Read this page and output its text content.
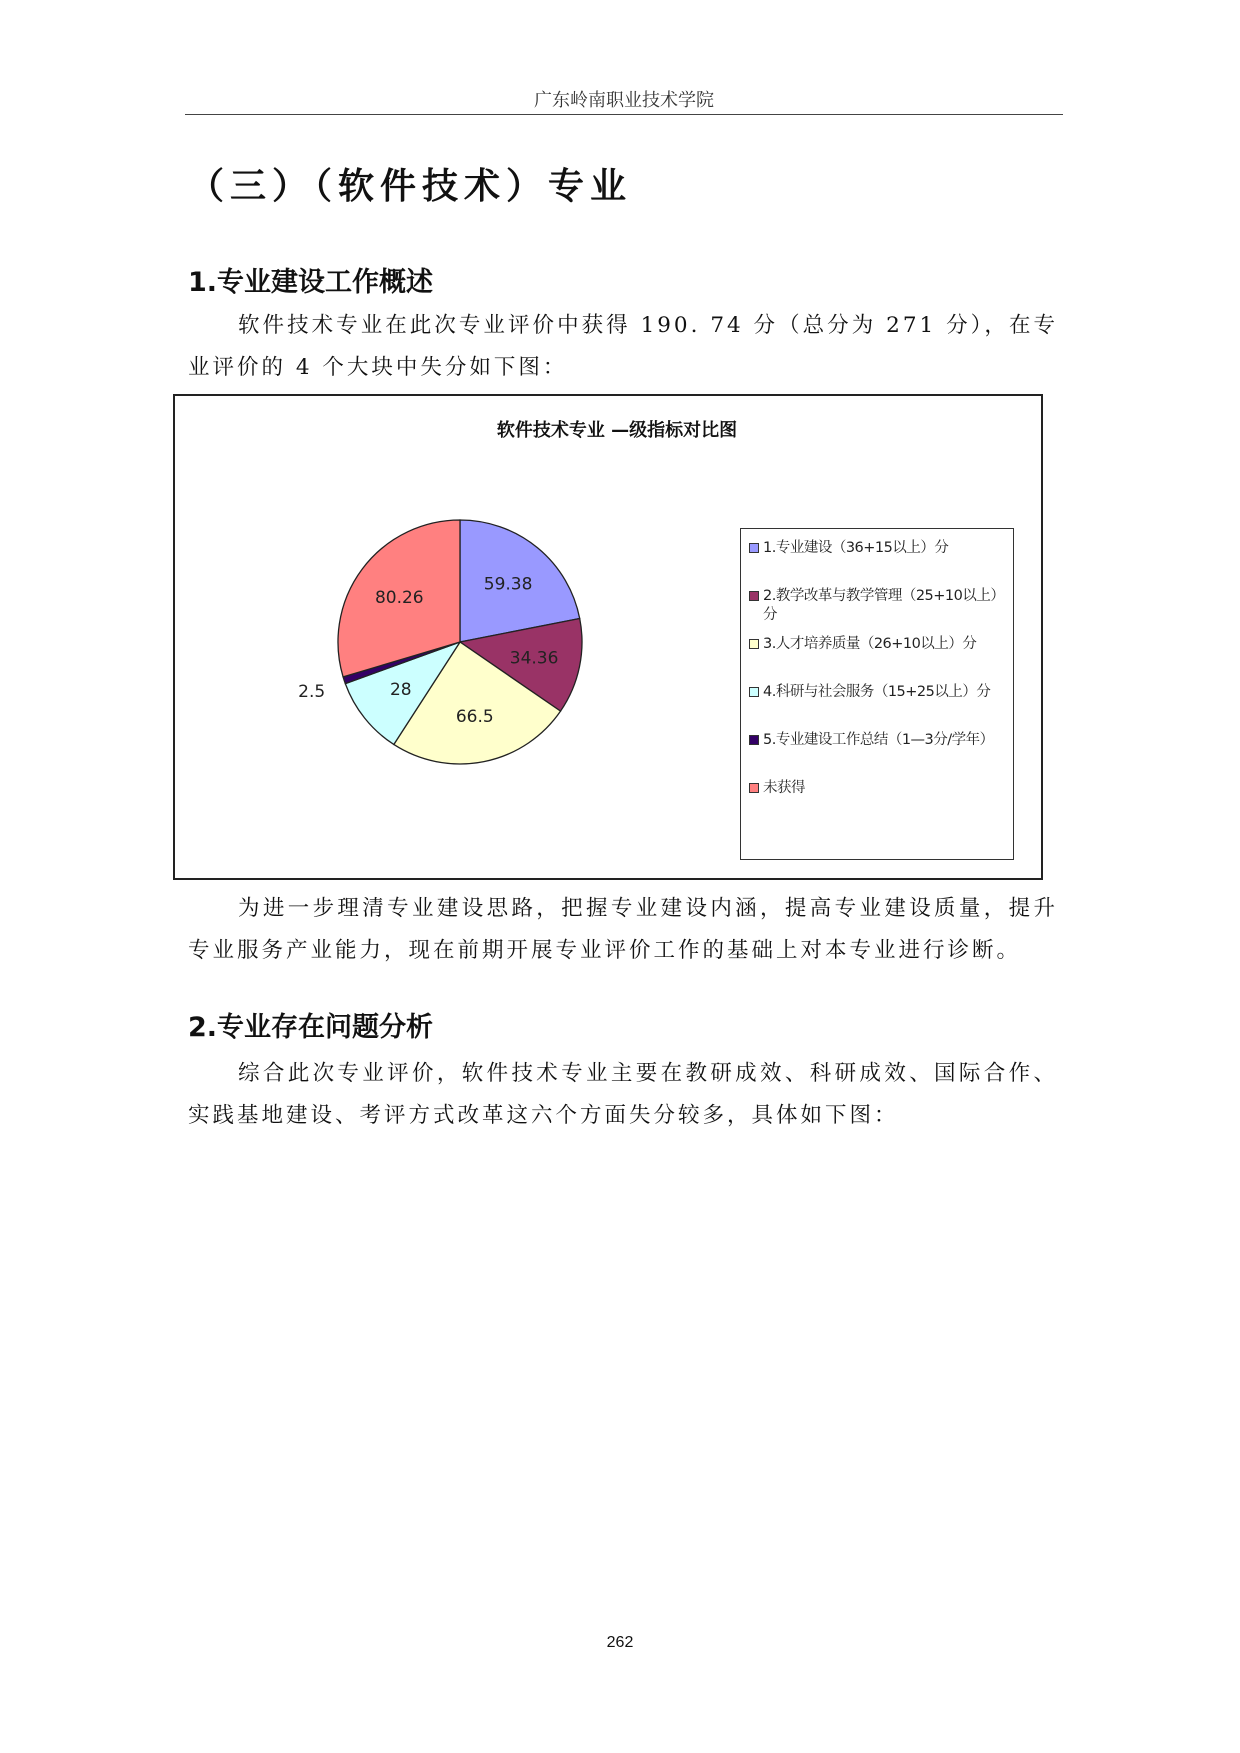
广东岭南职业技术学院
（三）（软件技术）专业
1.专业建设工作概述
软件技术专业在此次专业评价中获得 190. 74 分（总分为 271 分），在专业评价的 4 个大块中失分如下图：
软件技术专业 —级指标对比图
59.38
34.36
66.5
28
2.5
80.26
1.专业建设（36+15以上）分
2.教学改革与教学管理（25+10以上）分
3.人才培养质量（26+10以上）分
4.科研与社会服务（15+25以上）分
5.专业建设工作总结（1—3分/学年）
未获得
为进一步理清专业建设思路，把握专业建设内涵，提高专业建设质量，提升专业服务产业能力，现在前期开展专业评价工作的基础上对本专业进行诊断。
2.专业存在问题分析
综合此次专业评价，软件技术专业主要在教研成效、科研成效、国际合作、实践基地建设、考评方式改革这六个方面失分较多，具体如下图：
262
